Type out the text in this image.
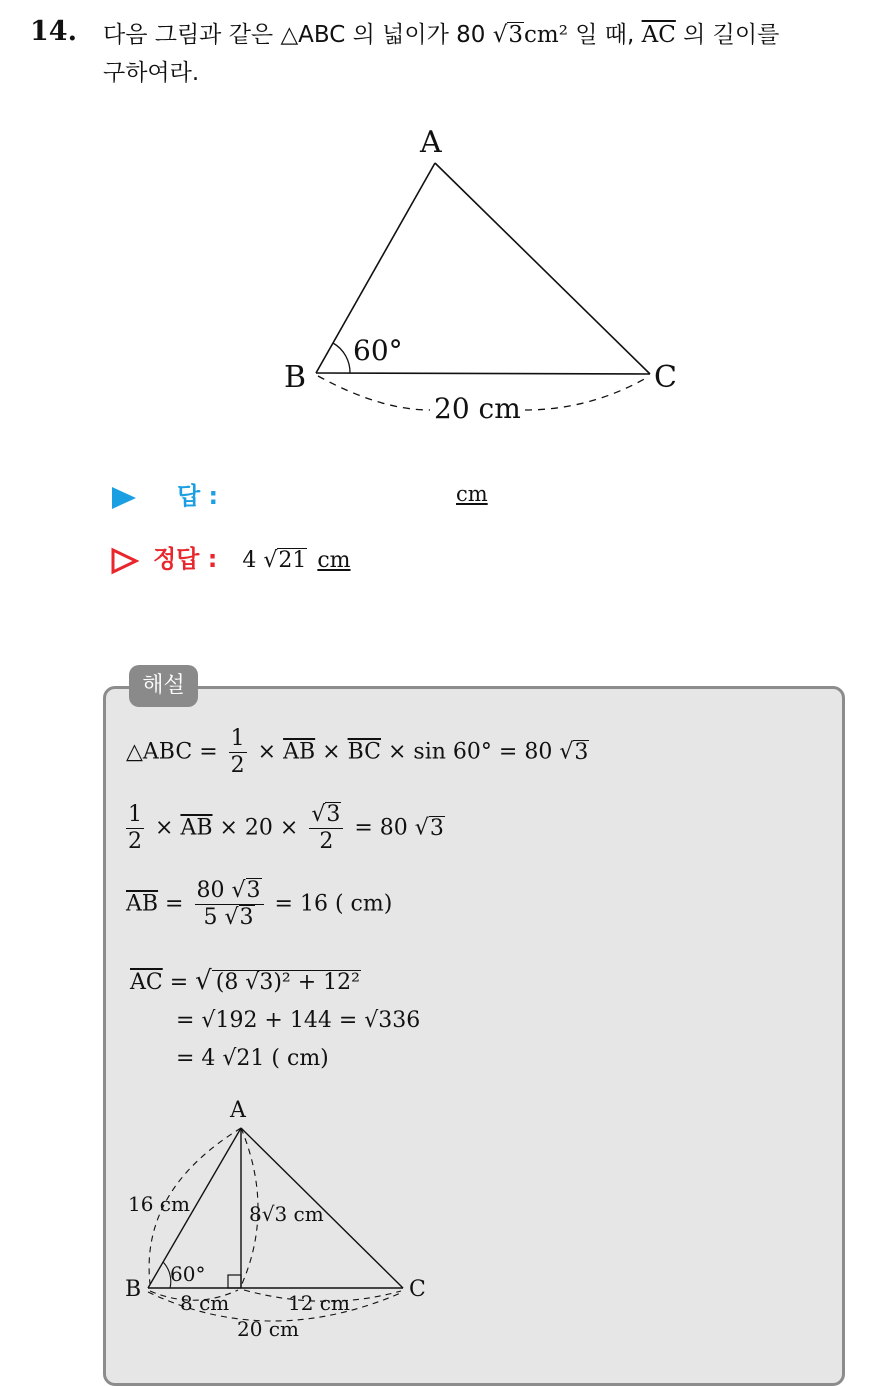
14. 다음 그림과 같은 △ABC 의 넓이가 80 √3cm² 일 때, $\overline{AC}$ 의 길이를
구하여라.
A
B	C
60°
20 cm
답 :	cm
정답 : 4 √21 cm
해설
△ABC = $\frac{1}{2} \times \overline{AB} \times \overline{BC} \times \sin 60^\circ = 80$ √3
$\frac{1}{2} \times \overline{AB} \times 20 \times \frac{√3}{2} = 80$ √3
$\overline{AB} = \frac{80 √3}{5 √3} = 16$ ( cm)
$\overline{AC}$ = √ (8 √3)² + 12²
= √192 + 144 = √336
= 4 √21 ( cm)
A
B	C
16 cm	8√3 cm
60°
8 cm	12 cm
20 cm
